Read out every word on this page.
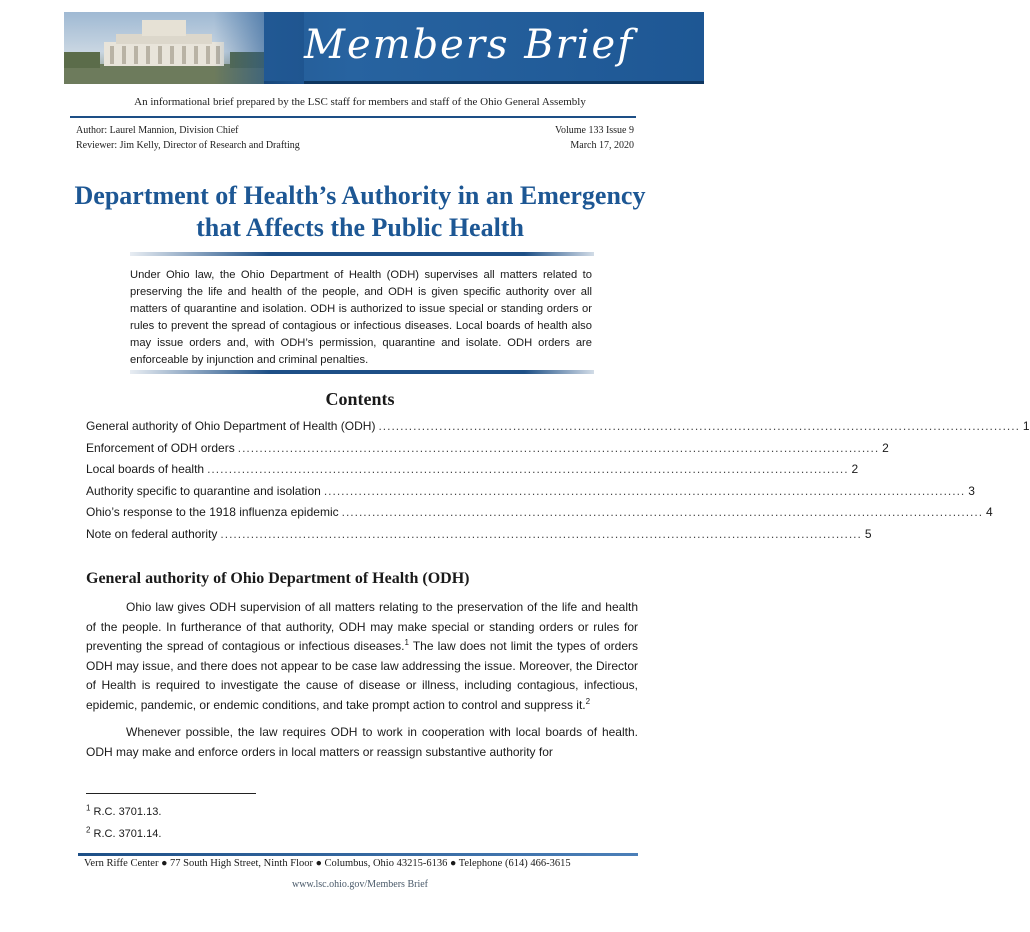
Members Brief
An informational brief prepared by the LSC staff for members and staff of the Ohio General Assembly
Author: Laurel Mannion, Division Chief	Volume 133 Issue 9
Reviewer: Jim Kelly, Director of Research and Drafting	March 17, 2020
Department of Health’s Authority in an Emergency that Affects the Public Health
Under Ohio law, the Ohio Department of Health (ODH) supervises all matters related to preserving the life and health of the people, and ODH is given specific authority over all matters of quarantine and isolation. ODH is authorized to issue special or standing orders or rules to prevent the spread of contagious or infectious diseases. Local boards of health also may issue orders and, with ODH’s permission, quarantine and isolate. ODH orders are enforceable by injunction and criminal penalties.
Contents
General authority of Ohio Department of Health (ODH) .................................................................................................................................................... 1
Enforcement of ODH orders .................................................................................................................................................... 2
Local boards of health .................................................................................................................................................... 2
Authority specific to quarantine and isolation .................................................................................................................................................... 3
Ohio’s response to the 1918 influenza epidemic .................................................................................................................................................... 4
Note on federal authority .................................................................................................................................................... 5
General authority of Ohio Department of Health (ODH)

Ohio law gives ODH supervision of all matters relating to the preservation of the life and health of the people. In furtherance of that authority, ODH may make special or standing orders or rules for preventing the spread of contagious or infectious diseases.$^1$ The law does not limit the types of orders ODH may issue, and there does not appear to be case law addressing the issue. Moreover, the Director of Health is required to investigate the cause of disease or illness, including contagious, infectious, epidemic, pandemic, or endemic conditions, and take prompt action to control and suppress it.$^2$

Whenever possible, the law requires ODH to work in cooperation with local boards of health. ODH may make and enforce orders in local matters or reassign substantive authority for

$^1$ R.C. 3701.13.
$^2$ R.C. 3701.14.
Vern Riffe Center ● 77 South High Street, Ninth Floor ● Columbus, Ohio 43215-6136 ● Telephone (614) 466-3615
www.lsc.ohio.gov/Members Brief
